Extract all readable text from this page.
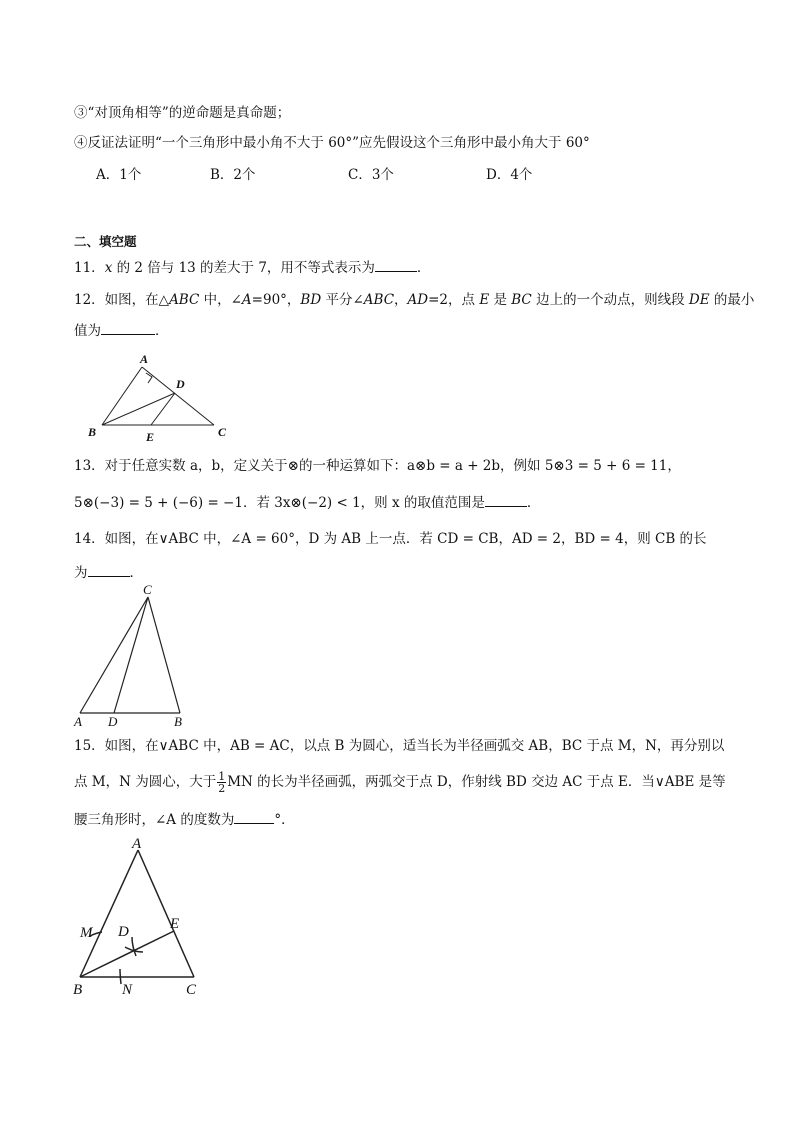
③“对顶角相等”的逆命题是真命题；
④反证法证明“一个三角形中最小角不大于 60°”应先假设这个三角形中最小角大于 60°
A．1个	B．2个	C．3个	D．4个
二、填空题
11．x 的 2 倍与 13 的差大于 7，用不等式表示为	．
12．如图，在△ABC 中，∠A=90°，BD 平分∠ABC，AD=2，点 E 是 BC 边上的一个动点，则线段 DE 的最小
值为	．
A
B	C
D
E
13．对于任意实数 a，b，定义关于⊗的一种运算如下：a⊗b = a + 2b，例如 5⊗3 = 5 + 6 = 11，
5⊗(−3) = 5 + (−6) = −1．若 3x⊗(−2) < 1，则 x 的取值范围是	．
14．如图，在∨ABC 中，∠A = 60°，D 为 AB 上一点．若 CD = CB，AD = 2，BD = 4，则 CB 的长
为	．
C
A D	B
15．如图，在∨ABC 中，AB = AC，以点 B 为圆心，适当长为半径画弧交 AB，BC 于点 M，N，再分别以
点 M，N 为圆心，大于 $\frac{1}{2}$ MN 的长为半径画弧，两弧交于点 D，作射线 BD 交边 AC 于点 E．当∨ABE 是等
腰三角形时，∠A 的度数为	°．
A
E
M D
B	N	C
